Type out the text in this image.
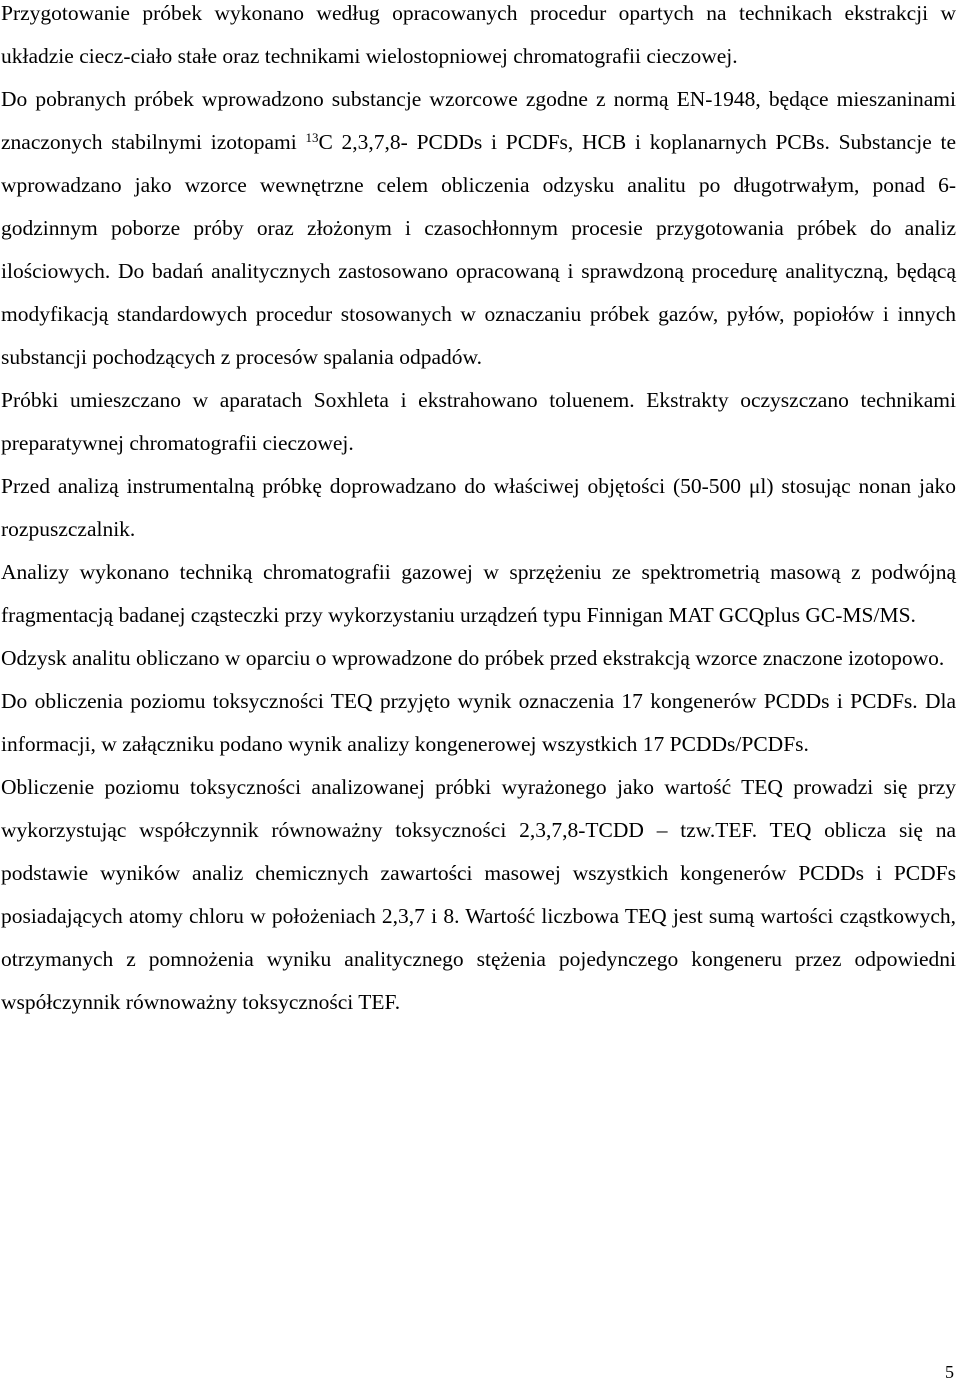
Przygotowanie próbek wykonano według opracowanych procedur opartych na technikach ekstrakcji w układzie ciecz-ciało stałe oraz technikami wielostopniowej chromatografii cieczowej.

Do pobranych próbek wprowadzono substancje wzorcowe zgodne z normą EN-1948, będące mieszaninami znaczonych stabilnymi izotopami $^{13}$C 2,3,7,8- PCDDs i PCDFs, HCB i koplanarnych PCBs. Substancje te wprowadzano jako wzorce wewnętrzne celem obliczenia odzysku analitu po długotrwałym, ponad 6-godzinnym poborze próby oraz złożonym i czasochłonnym procesie przygotowania próbek do analiz ilościowych. Do badań analitycznych zastosowano opracowaną i sprawdzoną procedurę analityczną, będącą modyfikacją standardowych procedur stosowanych w oznaczaniu próbek gazów, pyłów, popiołów i innych substancji pochodzących z procesów spalania odpadów.

Próbki umieszczano w aparatach Soxhleta i ekstrahowano toluenem. Ekstrakty oczyszczano technikami preparatywnej chromatografii cieczowej.

Przed analizą instrumentalną próbkę doprowadzano do właściwej objętości (50-500 μl) stosując nonan jako rozpuszczalnik.

Analizy wykonano techniką chromatografii gazowej w sprzężeniu ze spektrometrią masową z podwójną fragmentacją badanej cząsteczki przy wykorzystaniu urządzeń typu Finnigan MAT GCQplus GC-MS/MS.

Odzysk analitu obliczano w oparciu o wprowadzone do próbek przed ekstrakcją wzorce znaczone izotopowo.

Do obliczenia poziomu toksyczności TEQ przyjęto wynik oznaczenia 17 kongenerów PCDDs i PCDFs. Dla informacji, w załączniku podano wynik analizy kongenerowej wszystkich 17 PCDDs/PCDFs.

Obliczenie poziomu toksyczności analizowanej próbki wyrażonego jako wartość TEQ prowadzi się przy wykorzystując współczynnik równoważny toksyczności 2,3,7,8-TCDD – tzw.TEF. TEQ oblicza się na podstawie wyników analiz chemicznych zawartości masowej wszystkich kongenerów PCDDs i PCDFs posiadających atomy chloru w położeniach 2,3,7 i 8. Wartość liczbowa TEQ jest sumą wartości cząstkowych, otrzymanych z pomnożenia wyniku analitycznego stężenia pojedynczego kongeneru przez odpowiedni współczynnik równoważny toksyczności TEF.

5
